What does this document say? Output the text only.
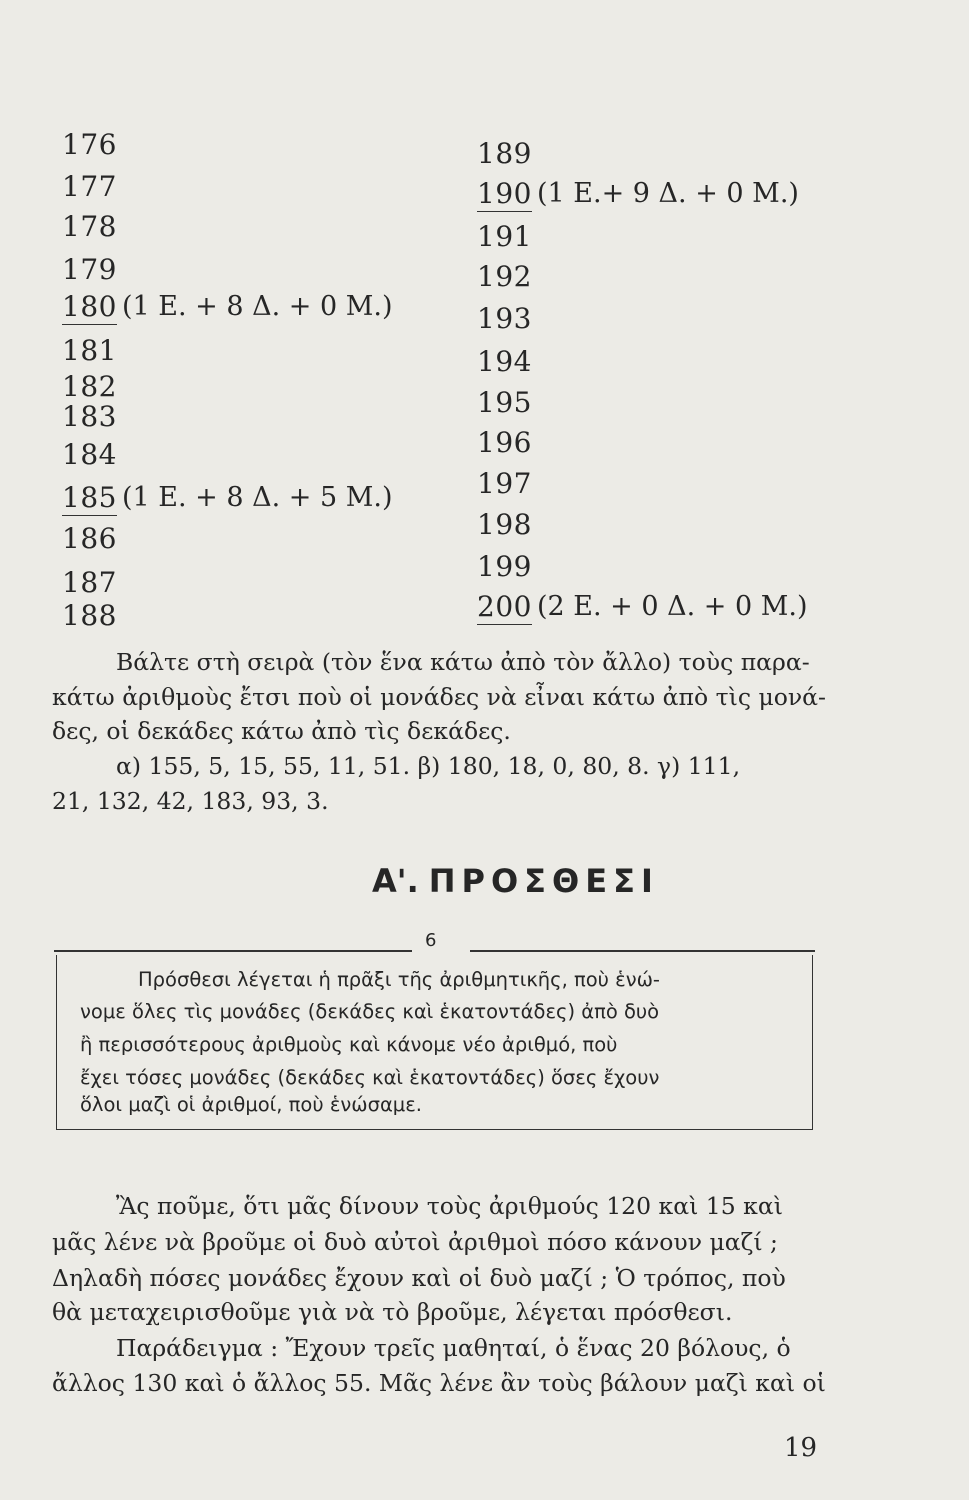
176
177
178
179
180
181
182
183
184
185
186
187
188
(1 Ε. + 8 Δ. + 0 Μ.)
(1 Ε. + 8 Δ. + 5 Μ.)
189
190
191
192
193
194
195
196
197
198
199
200
(1 Ε.+ 9 Δ. + 0 Μ.)
(2 Ε. + 0 Δ. + 0 Μ.)
Βάλτε στὴ σειρὰ (τὸν ἕνα κάτω ἀπὸ τὸν ἄλλο) τοὺς παρα-
κάτω ἀριθμοὺς ἔτσι ποὺ οἱ μονάδες νὰ εἶναι κάτω ἀπὸ τὶς μονά-
δες, οἱ δεκάδες κάτω ἀπὸ τὶς δεκάδες.
α) 155, 5, 15, 55, 11, 51. β) 180, 18, 0, 80, 8. γ) 111,
21, 132, 42, 183, 93, 3.
Α'. ΠΡΟΣΘΕΣΙ
6
Πρόσθεσι λέγεται ἡ πρᾶξι τῆς ἀριθμητικῆς, ποὺ ἑνώ-
νομε ὅλες τὶς μονάδες (δεκάδες καὶ ἑκατοντάδες) ἀπὸ δυὸ
ἢ περισσότερους ἀριθμοὺς καὶ κάνομε νέο ἀριθμό, ποὺ
ἔχει τόσες μονάδες (δεκάδες καὶ ἑκατοντάδες) ὅσες ἔχουν
ὅλοι μαζὶ οἱ ἀριθμοί, ποὺ ἑνώσαμε.
Ἂς ποῦμε, ὅτι μᾶς δίνουν τοὺς ἀριθμούς 120 καὶ 15 καὶ
μᾶς λένε νὰ βροῦμε οἱ δυὸ αὐτοὶ ἀριθμοὶ πόσο κάνουν μαζί ;
Δηλαδὴ πόσες μονάδες ἔχουν καὶ οἱ δυὸ μαζί ; Ὁ τρόπος, ποὺ
θὰ μεταχειρισθοῦμε γιὰ νὰ τὸ βροῦμε, λέγεται πρόσθεσι.
Παράδειγμα : Ἔχουν τρεῖς μαθηταί, ὁ ἕνας 20 βόλους, ὁ
ἄλλος 130 καὶ ὁ ἄλλος 55. Μᾶς λένε ἂν τοὺς βάλουν μαζὶ καὶ οἱ
19
